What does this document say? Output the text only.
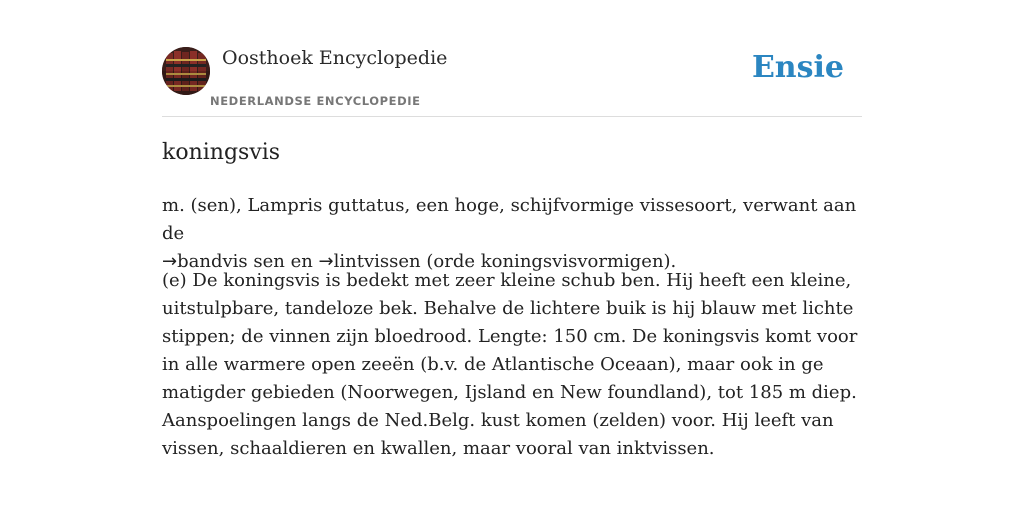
Oosthoek Encyclopedie
NEDERLANDSE ENCYCLOPEDIE
Ensie
koningsvis

m. (sen), Lampris guttatus, een hoge, schijfvormige vissesoort, verwant aan de
→bandvis sen en →lintvissen (orde koningsvisvormigen).

(e) De koningsvis is bedekt met zeer kleine schub ben. Hij heeft een kleine, uitstulpbare, tandeloze bek. Behalve de lichtere buik is hij blauw met lichte stippen; de vinnen zijn bloedrood. Lengte: 150 cm. De koningsvis komt voor in alle warmere open zeeën (b.v. de Atlantische Oceaan), maar ook in ge matigder gebieden (Noorwegen, Ijsland en New foundland), tot 185 m diep. Aanspoelingen langs de Ned.Belg. kust komen (zelden) voor. Hij leeft van vissen, schaaldieren en kwallen, maar vooral van inktvissen.
